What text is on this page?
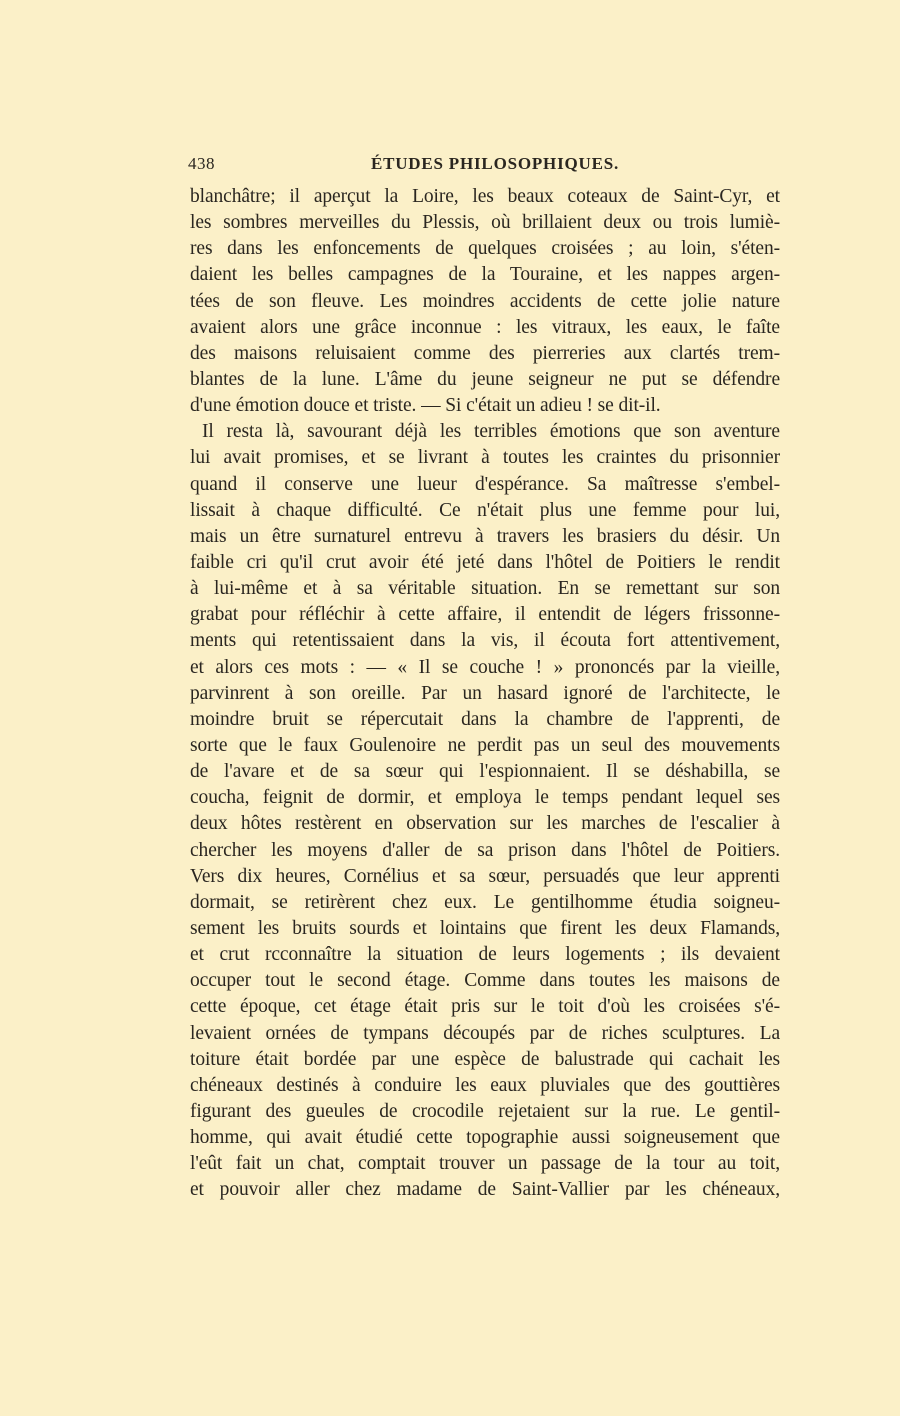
438	ÉTUDES PHILOSOPHIQUES.
blanchâtre; il aperçut la Loire, les beaux coteaux de Saint-Cyr, et
les sombres merveilles du Plessis, où brillaient deux ou trois lumiè-
res dans les enfoncements de quelques croisées ; au loin, s'éten-
daient les belles campagnes de la Touraine, et les nappes argen-
tées de son fleuve. Les moindres accidents de cette jolie nature
avaient alors une grâce inconnue : les vitraux, les eaux, le faîte
des maisons reluisaient comme des pierreries aux clartés trem-
blantes de la lune. L'âme du jeune seigneur ne put se défendre
d'une émotion douce et triste. — Si c'était un adieu ! se dit-il.
Il resta là, savourant déjà les terribles émotions que son aventure
lui avait promises, et se livrant à toutes les craintes du prisonnier
quand il conserve une lueur d'espérance. Sa maîtresse s'embel-
lissait à chaque difficulté. Ce n'était plus une femme pour lui,
mais un être surnaturel entrevu à travers les brasiers du désir. Un
faible cri qu'il crut avoir été jeté dans l'hôtel de Poitiers le rendit
à lui-même et à sa véritable situation. En se remettant sur son
grabat pour réfléchir à cette affaire, il entendit de légers frissonne-
ments qui retentissaient dans la vis, il écouta fort attentivement,
et alors ces mots : — « Il se couche ! » prononcés par la vieille,
parvinrent à son oreille. Par un hasard ignoré de l'architecte, le
moindre bruit se répercutait dans la chambre de l'apprenti, de
sorte que le faux Goulenoire ne perdit pas un seul des mouvements
de l'avare et de sa sœur qui l'espionnaient. Il se déshabilla, se
coucha, feignit de dormir, et employa le temps pendant lequel ses
deux hôtes restèrent en observation sur les marches de l'escalier à
chercher les moyens d'aller de sa prison dans l'hôtel de Poitiers.
Vers dix heures, Cornélius et sa sœur, persuadés que leur apprenti
dormait, se retirèrent chez eux. Le gentilhomme étudia soigneu-
sement les bruits sourds et lointains que firent les deux Flamands,
et crut rcconnaître la situation de leurs logements ; ils devaient
occuper tout le second étage. Comme dans toutes les maisons de
cette époque, cet étage était pris sur le toit d'où les croisées s'é-
levaient ornées de tympans découpés par de riches sculptures. La
toiture était bordée par une espèce de balustrade qui cachait les
chéneaux destinés à conduire les eaux pluviales que des gouttières
figurant des gueules de crocodile rejetaient sur la rue. Le gentil-
homme, qui avait étudié cette topographie aussi soigneusement que
l'eût fait un chat, comptait trouver un passage de la tour au toit,
et pouvoir aller chez madame de Saint-Vallier par les chéneaux,
